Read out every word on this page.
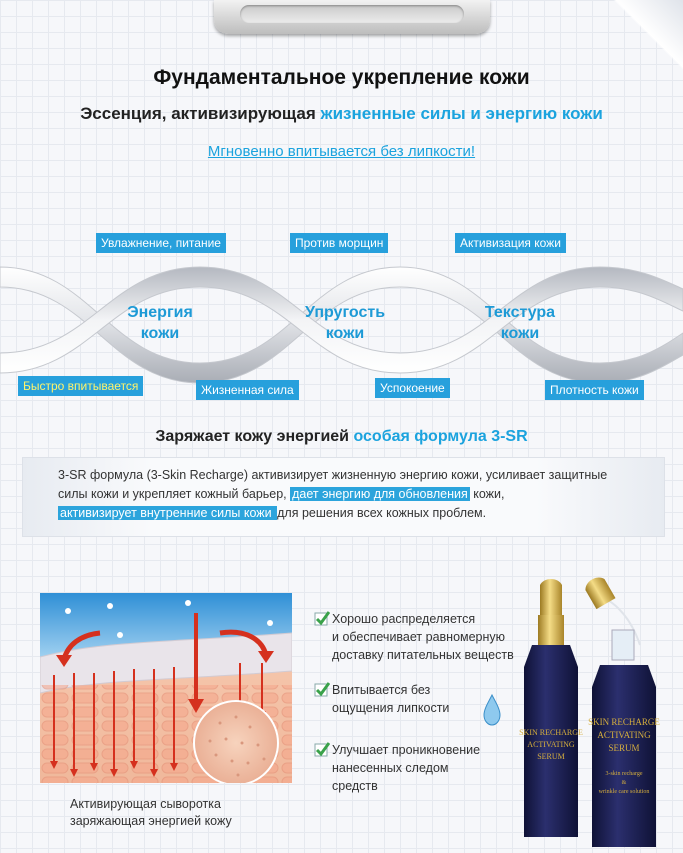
Фундаментальное укрепление кожи
Эссенция, активизирующая жизненные силы и энергию кожи
Мгновенно впитывается без липкости!
Увлажнение, питание	Против морщин	Активизация кожи
Энергия
кожи
Упругость
кожи
Текстура
кожи
Быстро впитывается	Жизненная сила	Успокоение	Плотность кожи
Заряжает кожу энергией особая формула 3-SR
3-SR формула (3-Skin Recharge) активизирует жизненную энергию кожи, усиливает защитные силы кожи и укрепляет кожный барьер, дает энергию для обновления кожи,
активизирует внутренние силы кожи для решения всех кожных проблем.
Активирующая сыворотка
заряжающая энергией кожу
Хорошо распределяется
и обеспечивает равномерную
доставку питательных веществ
Впитывается без
ощущения липкости
Улучшает проникновение
нанесенных следом
средств
SKIN RECHARGE
ACTIVATING
SERUM
SKIN RECHARGE
ACTIVATING
SERUM
3-skin recharge
&
wrinkle care solution
